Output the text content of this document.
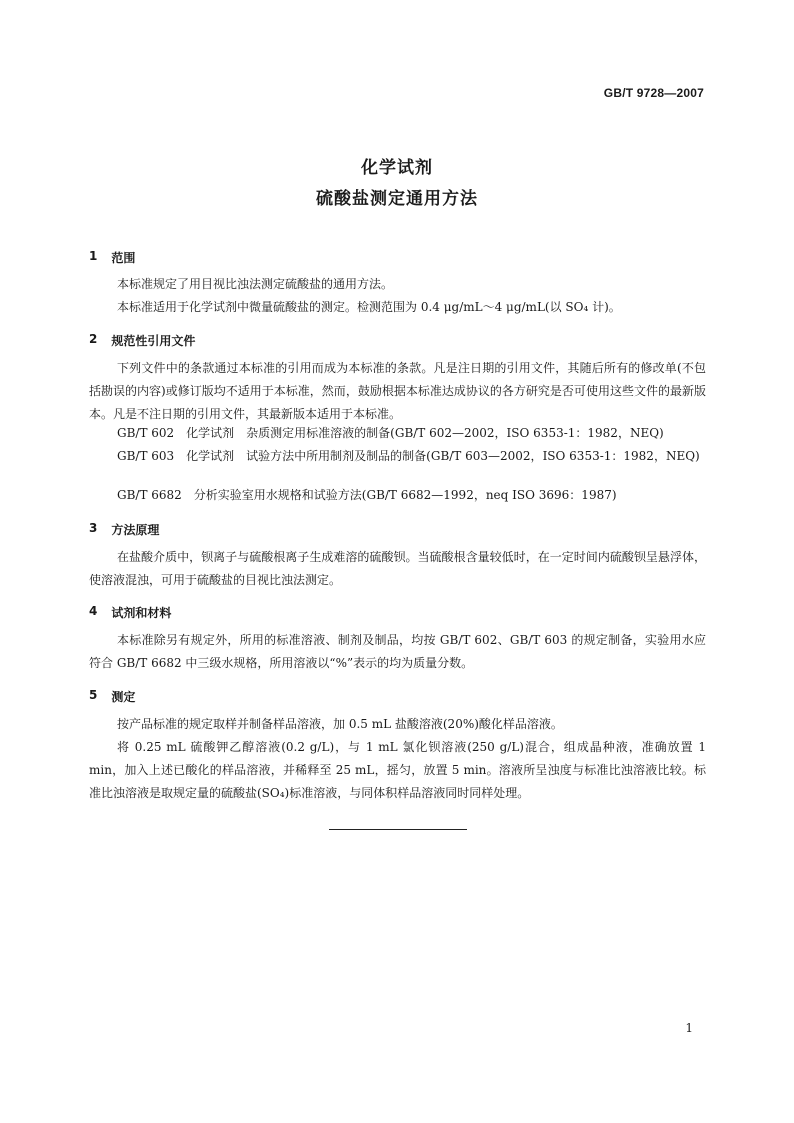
GB/T 9728—2007
化学试剂
硫酸盐测定通用方法
1 范围
本标准规定了用目视比浊法测定硫酸盐的通用方法。
本标准适用于化学试剂中微量硫酸盐的测定。检测范围为 0.4 μg/mL～4 μg/mL(以 SO₄ 计)。
2 规范性引用文件
下列文件中的条款通过本标准的引用而成为本标准的条款。凡是注日期的引用文件，其随后所有的修改单(不包括勘误的内容)或修订版均不适用于本标准，然而，鼓励根据本标准达成协议的各方研究是否可使用这些文件的最新版本。凡是不注日期的引用文件，其最新版本适用于本标准。
GB/T 602　化学试剂　杂质测定用标准溶液的制备(GB/T 602—2002，ISO 6353-1：1982，NEQ)
GB/T 603　化学试剂　试验方法中所用制剂及制品的制备(GB/T 603—2002，ISO 6353-1：1982，NEQ)
GB/T 6682　分析实验室用水规格和试验方法(GB/T 6682—1992，neq ISO 3696：1987)
3 方法原理
在盐酸介质中，钡离子与硫酸根离子生成难溶的硫酸钡。当硫酸根含量较低时，在一定时间内硫酸钡呈悬浮体，使溶液混浊，可用于硫酸盐的目视比浊法测定。
4 试剂和材料
本标准除另有规定外，所用的标准溶液、制剂及制品，均按 GB/T 602、GB/T 603 的规定制备，实验用水应符合 GB/T 6682 中三级水规格，所用溶液以“%”表示的均为质量分数。
5 测定
按产品标准的规定取样并制备样品溶液，加 0.5 mL 盐酸溶液(20%)酸化样品溶液。
将 0.25 mL 硫酸钾乙醇溶液(0.2 g/L)，与 1 mL 氯化钡溶液(250 g/L)混合，组成晶种液，准确放置 1 min，加入上述已酸化的样品溶液，并稀释至 25 mL，摇匀，放置 5 min。溶液所呈浊度与标准比浊溶液比较。标准比浊溶液是取规定量的硫酸盐(SO₄)标准溶液，与同体积样品溶液同时同样处理。
1
